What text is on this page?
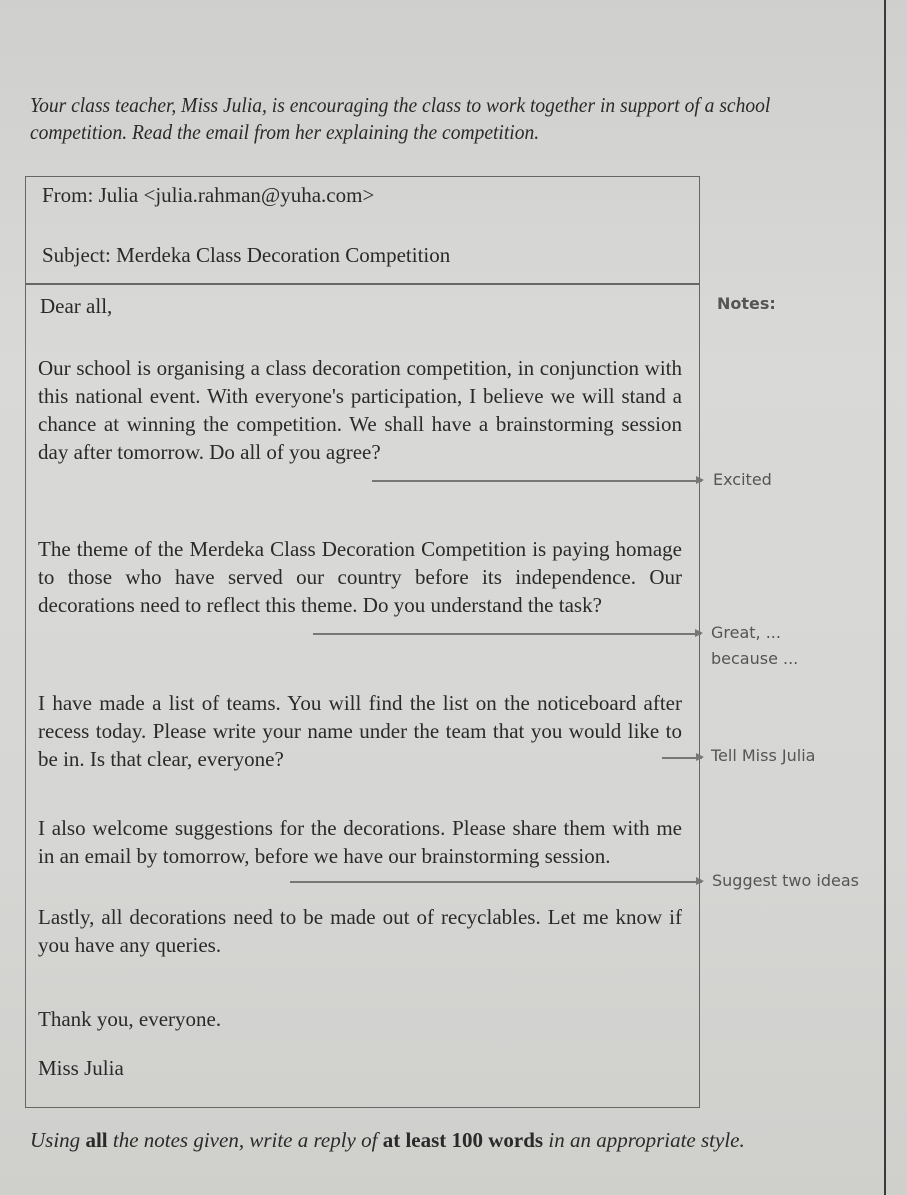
Your class teacher, Miss Julia, is encouraging the class to work together in support of a school competition. Read the email from her explaining the competition.
From: Julia <julia.rahman@yuha.com>
Subject: Merdeka Class Decoration Competition
Dear all,
Our school is organising a class decoration competition, in conjunction with this national event. With everyone's participation, I believe we will stand a chance at winning the competition. We shall have a brainstorming session day after tomorrow. Do all of you agree?
The theme of the Merdeka Class Decoration Competition is paying homage to those who have served our country before its independence. Our decorations need to reflect this theme. Do you understand the task?
I have made a list of teams. You will find the list on the noticeboard after recess today. Please write your name under the team that you would like to be in. Is that clear, everyone?
I also welcome suggestions for the decorations. Please share them with me in an email by tomorrow, before we have our brainstorming session.
Lastly, all decorations need to be made out of recyclables. Let me know if you have any queries.
Thank you, everyone.
Miss Julia
Notes:
Excited
Great, ...
because ...
Tell Miss Julia
Suggest two ideas
Using all the notes given, write a reply of at least 100 words in an appropriate style.
